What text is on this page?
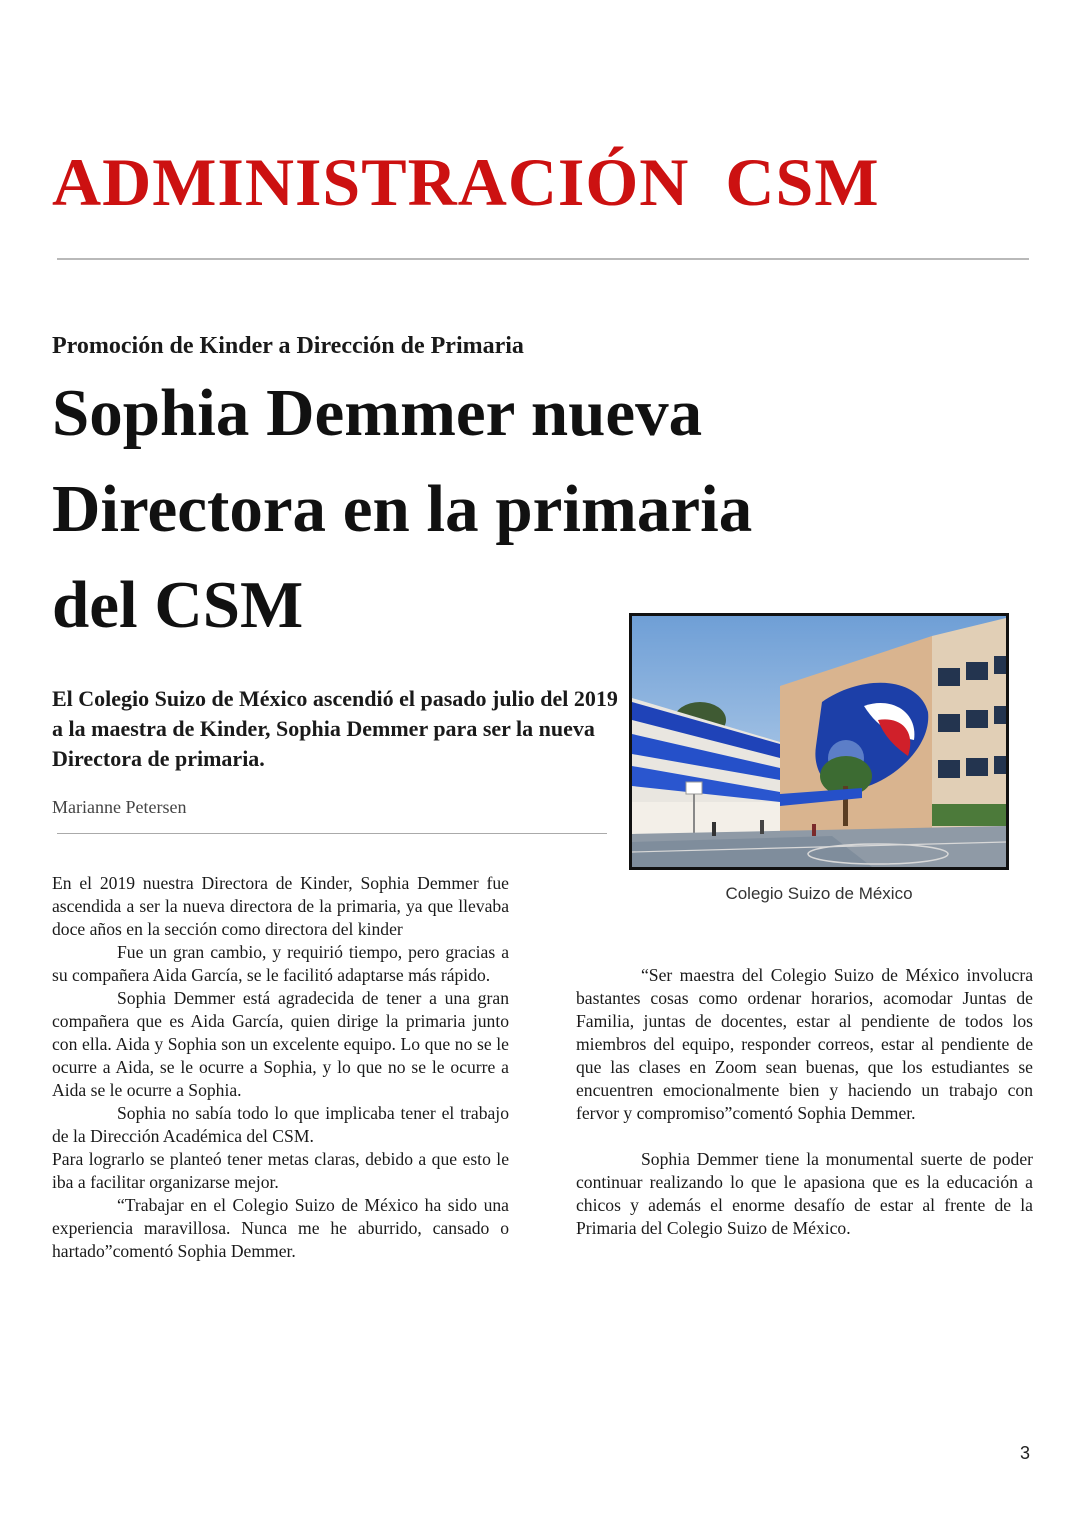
ADMINISTRACIÓN  CSM
Promoción de Kinder a Dirección de Primaria
Sophia Demmer nueva Directora en la primaria del CSM

El Colegio Suizo de México ascendió el pasado julio del 2019 a la maestra de Kinder, Sophia Demmer para ser la nueva Directora de primaria.

Marianne Petersen

Colegio Suizo de México

En el 2019 nuestra Directora de Kinder, Sophia Demmer fue ascendida a ser la nueva directora de la primaria, ya que llevaba doce años en la sección como directora del kinder

Fue un gran cambio, y requirió tiempo, pero gracias a su compañera Aida García, se le facilitó adaptarse más rápido.

Sophia Demmer está agradecida de tener a una gran compañera que es Aida García, quien dirige la primaria junto con ella. Aida y Sophia son un excelente equipo. Lo que no se le ocurre a Aida, se le ocurre a Sophia, y lo que no se le ocurre a Aida se le ocurre a Sophia.

Sophia no sabía todo lo que implicaba tener el trabajo de la Dirección Académica del CSM.

Para lograrlo se planteó tener metas claras, debido a que esto le iba a facilitar organizarse mejor.

“Trabajar en el Colegio Suizo de México ha sido una experiencia maravillosa. Nunca me he aburrido, cansado o hartado”comentó Sophia Demmer.

“Ser maestra del Colegio Suizo de México involucra bastantes cosas como ordenar horarios, acomodar Juntas de Familia, juntas de docentes, estar al pendiente de todos los miembros del equipo, responder correos, estar al pendiente de que las clases en Zoom sean buenas, que los estudiantes se encuentren emocionalmente bien y haciendo un trabajo con fervor y compromiso”comentó Sophia Demmer.

Sophia Demmer tiene la monumental suerte de poder continuar realizando lo que le apasiona que es la educación a chicos y además el enorme desafío de estar al frente de la Primaria del Colegio Suizo de México.

3
